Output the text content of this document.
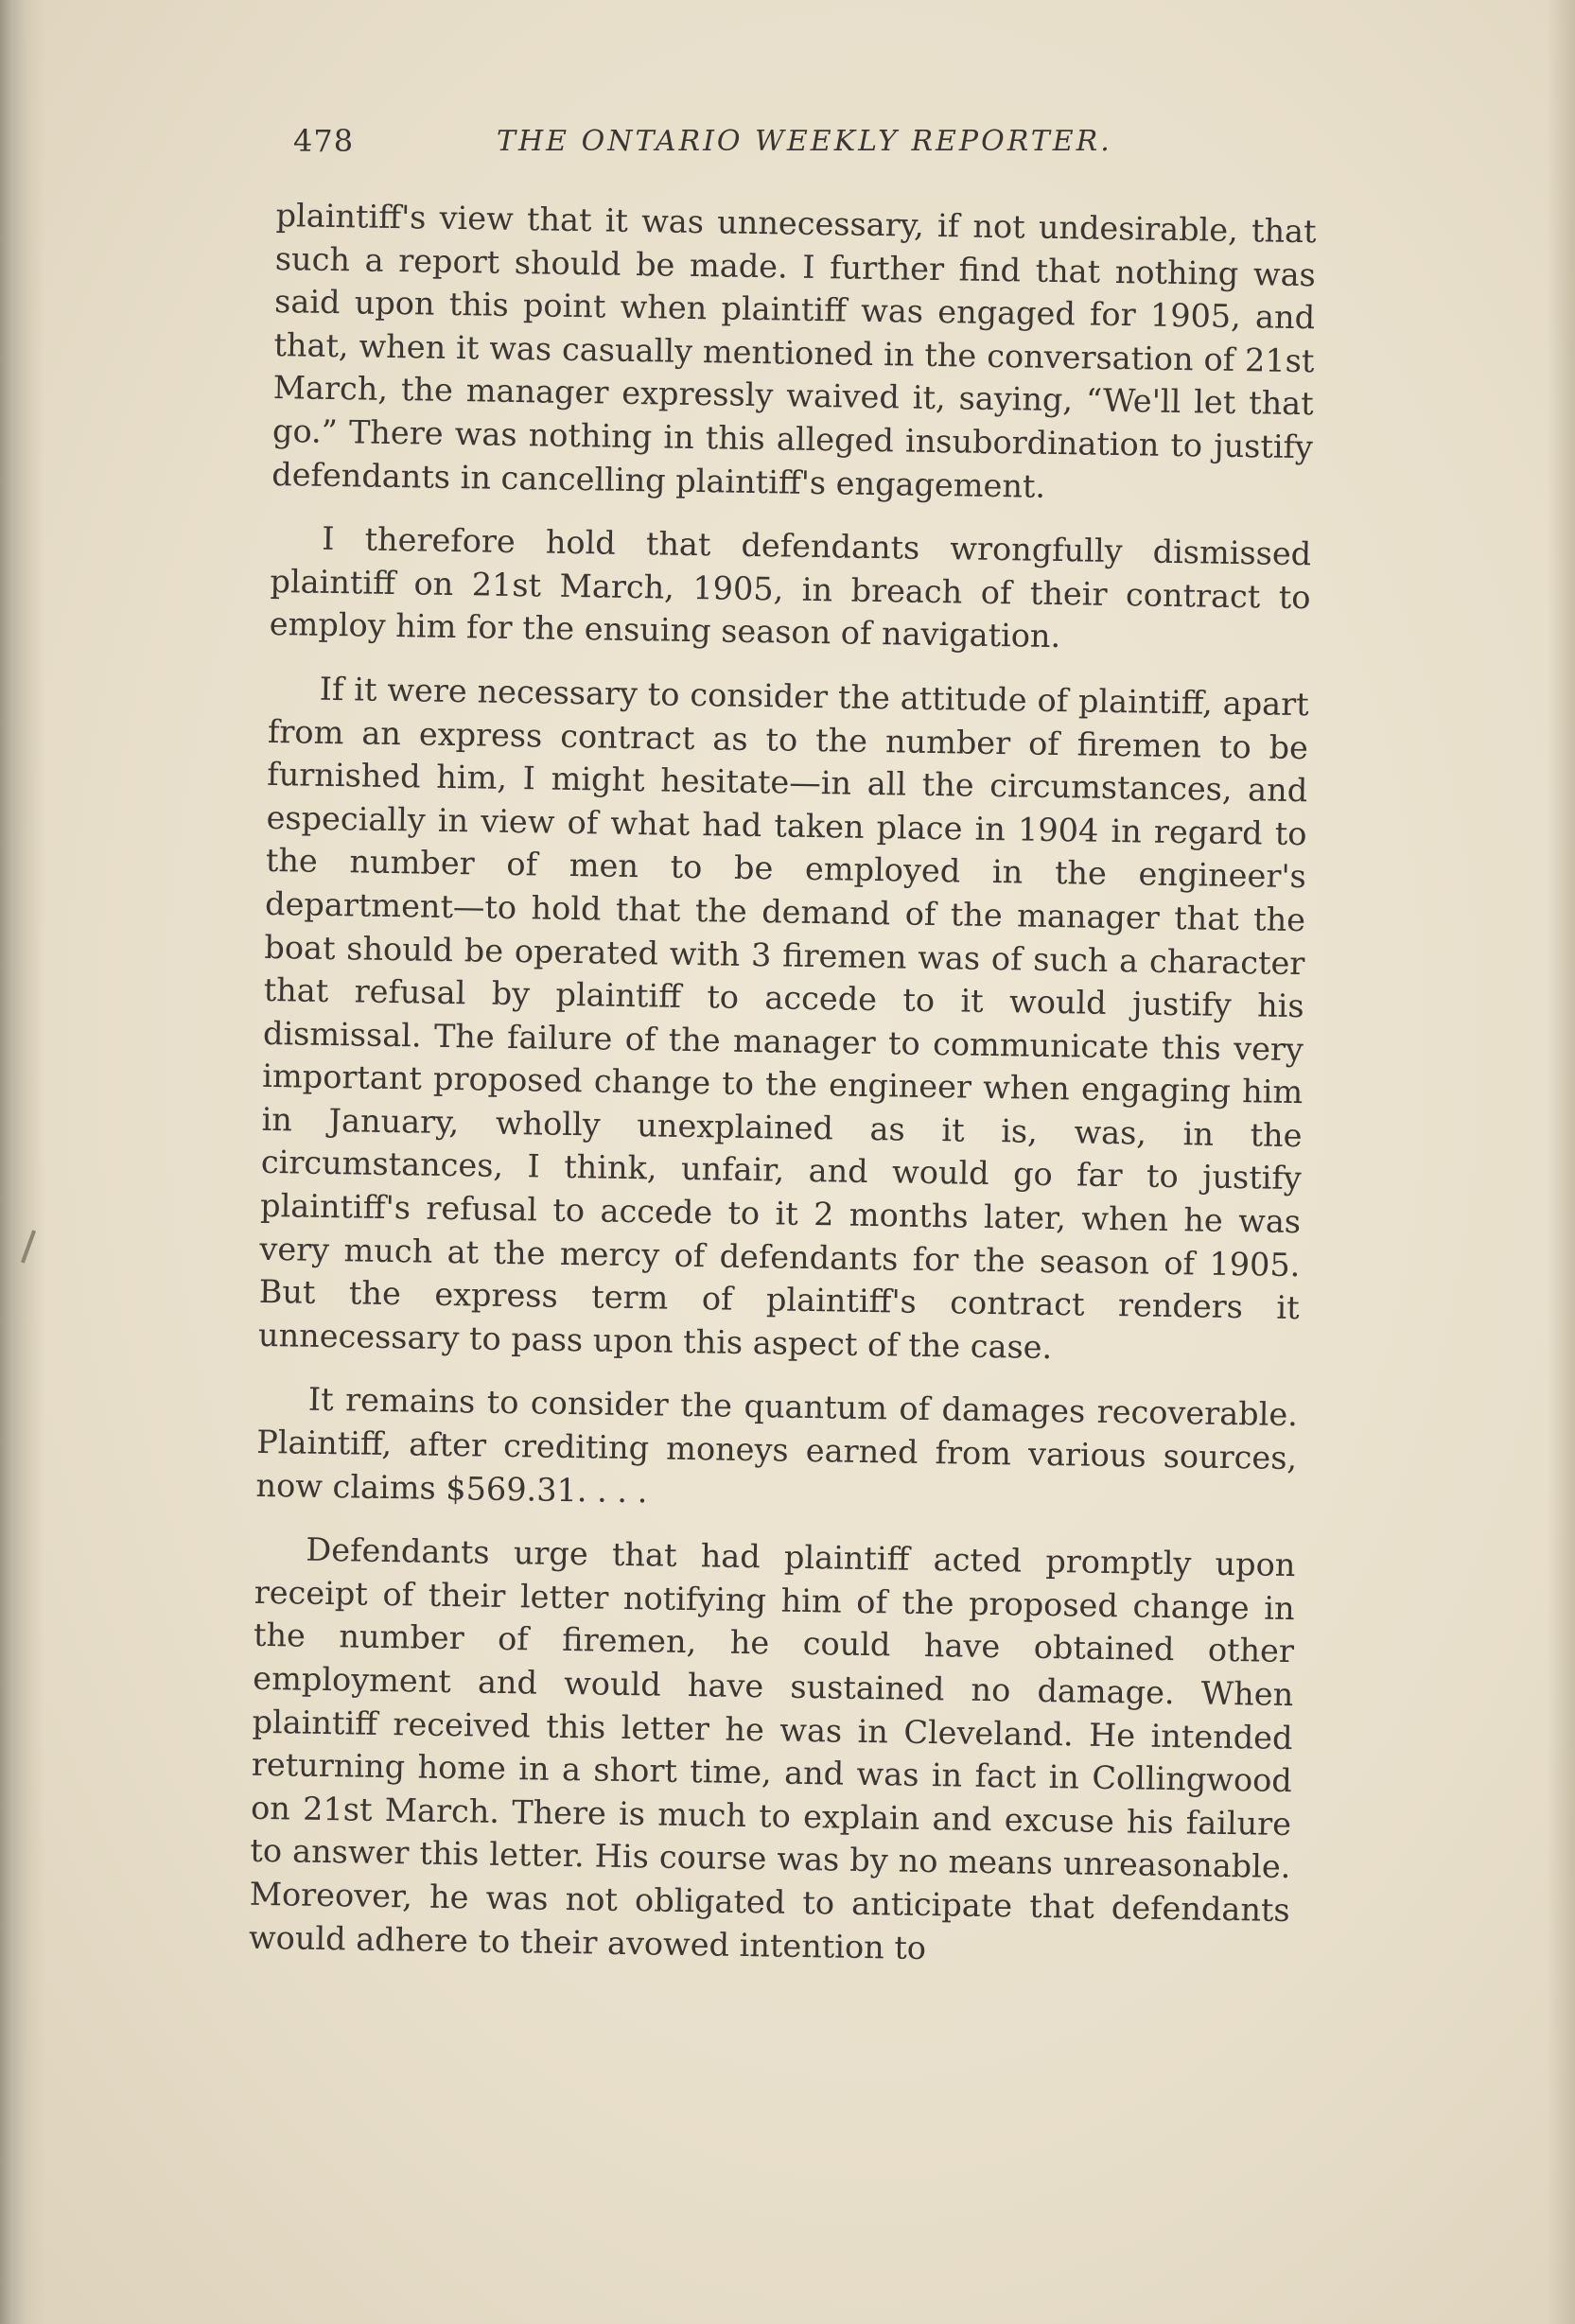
478	THE ONTARIO WEEKLY REPORTER.

plaintiff's view that it was unnecessary, if not undesirable, that such a report should be made. I further find that nothing was said upon this point when plaintiff was engaged for 1905, and that, when it was casually mentioned in the conversation of 21st March, the manager expressly waived it, saying, “We'll let that go.” There was nothing in this alleged insubordination to justify defendants in cancelling plaintiff's engagement.

I therefore hold that defendants wrongfully dismissed plaintiff on 21st March, 1905, in breach of their contract to employ him for the ensuing season of navigation.

If it were necessary to consider the attitude of plaintiff, apart from an express contract as to the number of firemen to be furnished him, I might hesitate—in all the circumstances, and especially in view of what had taken place in 1904 in regard to the number of men to be employed in the engineer's department—to hold that the demand of the manager that the boat should be operated with 3 firemen was of such a character that refusal by plaintiff to accede to it would justify his dismissal. The failure of the manager to communicate this very important proposed change to the engineer when engaging him in January, wholly unexplained as it is, was, in the circumstances, I think, unfair, and would go far to justify plaintiff's refusal to accede to it 2 months later, when he was very much at the mercy of defendants for the season of 1905. But the express term of plaintiff's contract renders it unnecessary to pass upon this aspect of the case.

It remains to consider the quantum of damages recoverable. Plaintiff, after crediting moneys earned from various sources, now claims $569.31. . . .

Defendants urge that had plaintiff acted promptly upon receipt of their letter notifying him of the proposed change in the number of firemen, he could have obtained other employment and would have sustained no damage. When plaintiff received this letter he was in Cleveland. He intended returning home in a short time, and was in fact in Collingwood on 21st March. There is much to explain and excuse his failure to answer this letter. His course was by no means unreasonable. Moreover, he was not obligated to anticipate that defendants would adhere to their avowed intention to
